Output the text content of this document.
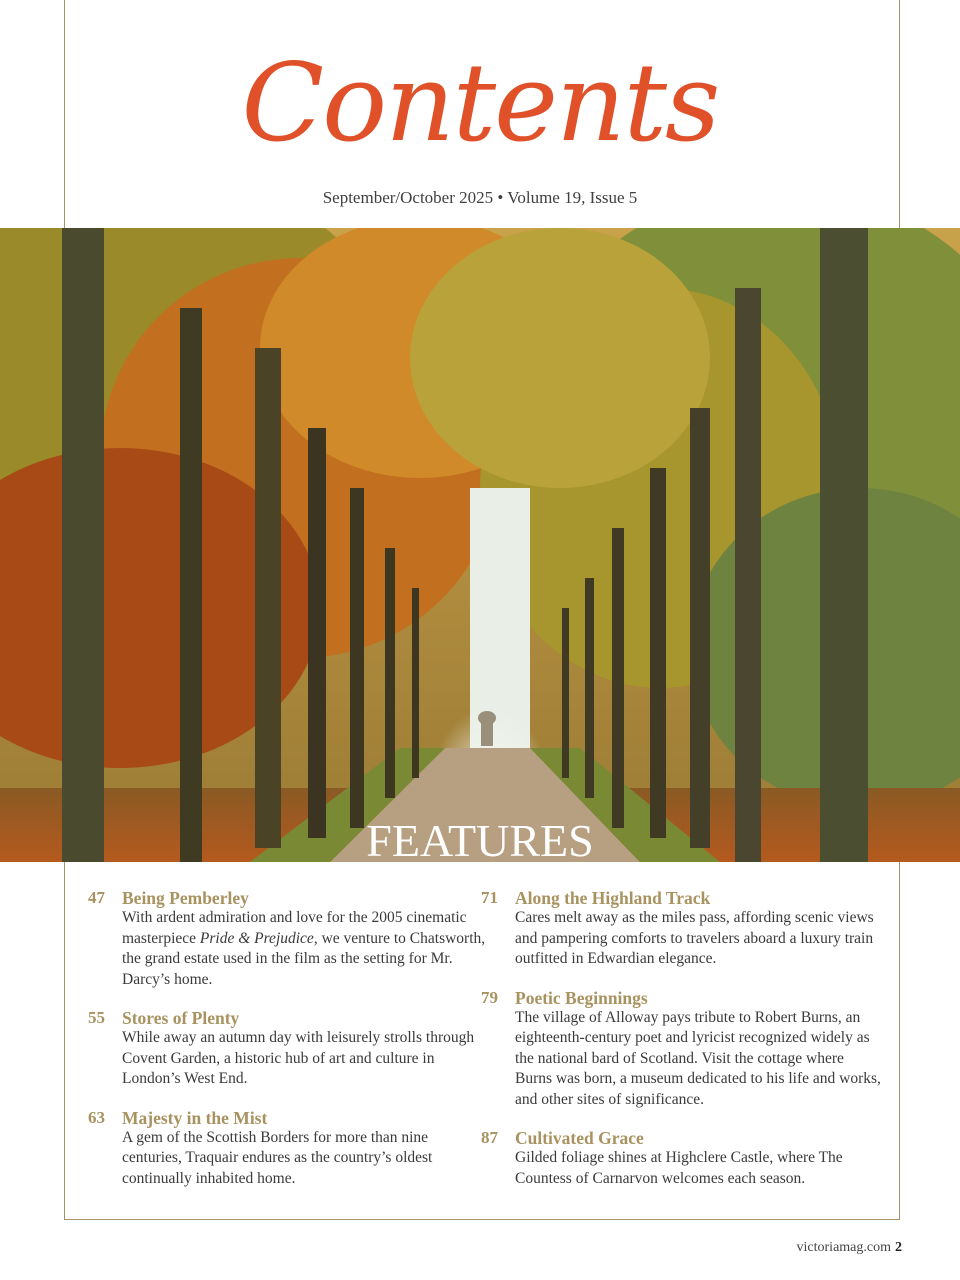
Contents
September/October 2025 • Volume 19, Issue 5
FEATURES
47 Being Pemberley
With ardent admiration and love for the 2005 cinematic masterpiece Pride & Prejudice, we venture to Chatsworth, the grand estate used in the film as the setting for Mr. Darcy’s home.
55 Stores of Plenty
While away an autumn day with leisurely strolls through Covent Garden, a historic hub of art and culture in London’s West End.
63 Majesty in the Mist
A gem of the Scottish Borders for more than nine centuries, Traquair endures as the country’s oldest continually inhabited home.
71 Along the Highland Track
Cares melt away as the miles pass, affording scenic views and pampering comforts to travelers aboard a luxury train outfitted in Edwardian elegance.
79 Poetic Beginnings
The village of Alloway pays tribute to Robert Burns, an eighteenth-century poet and lyricist recognized widely as the national bard of Scotland. Visit the cottage where Burns was born, a museum dedicated to his life and works, and other sites of significance.
87 Cultivated Grace
Gilded foliage shines at Highclere Castle, where The Countess of Carnarvon welcomes each season.
victoriamag.com 2
